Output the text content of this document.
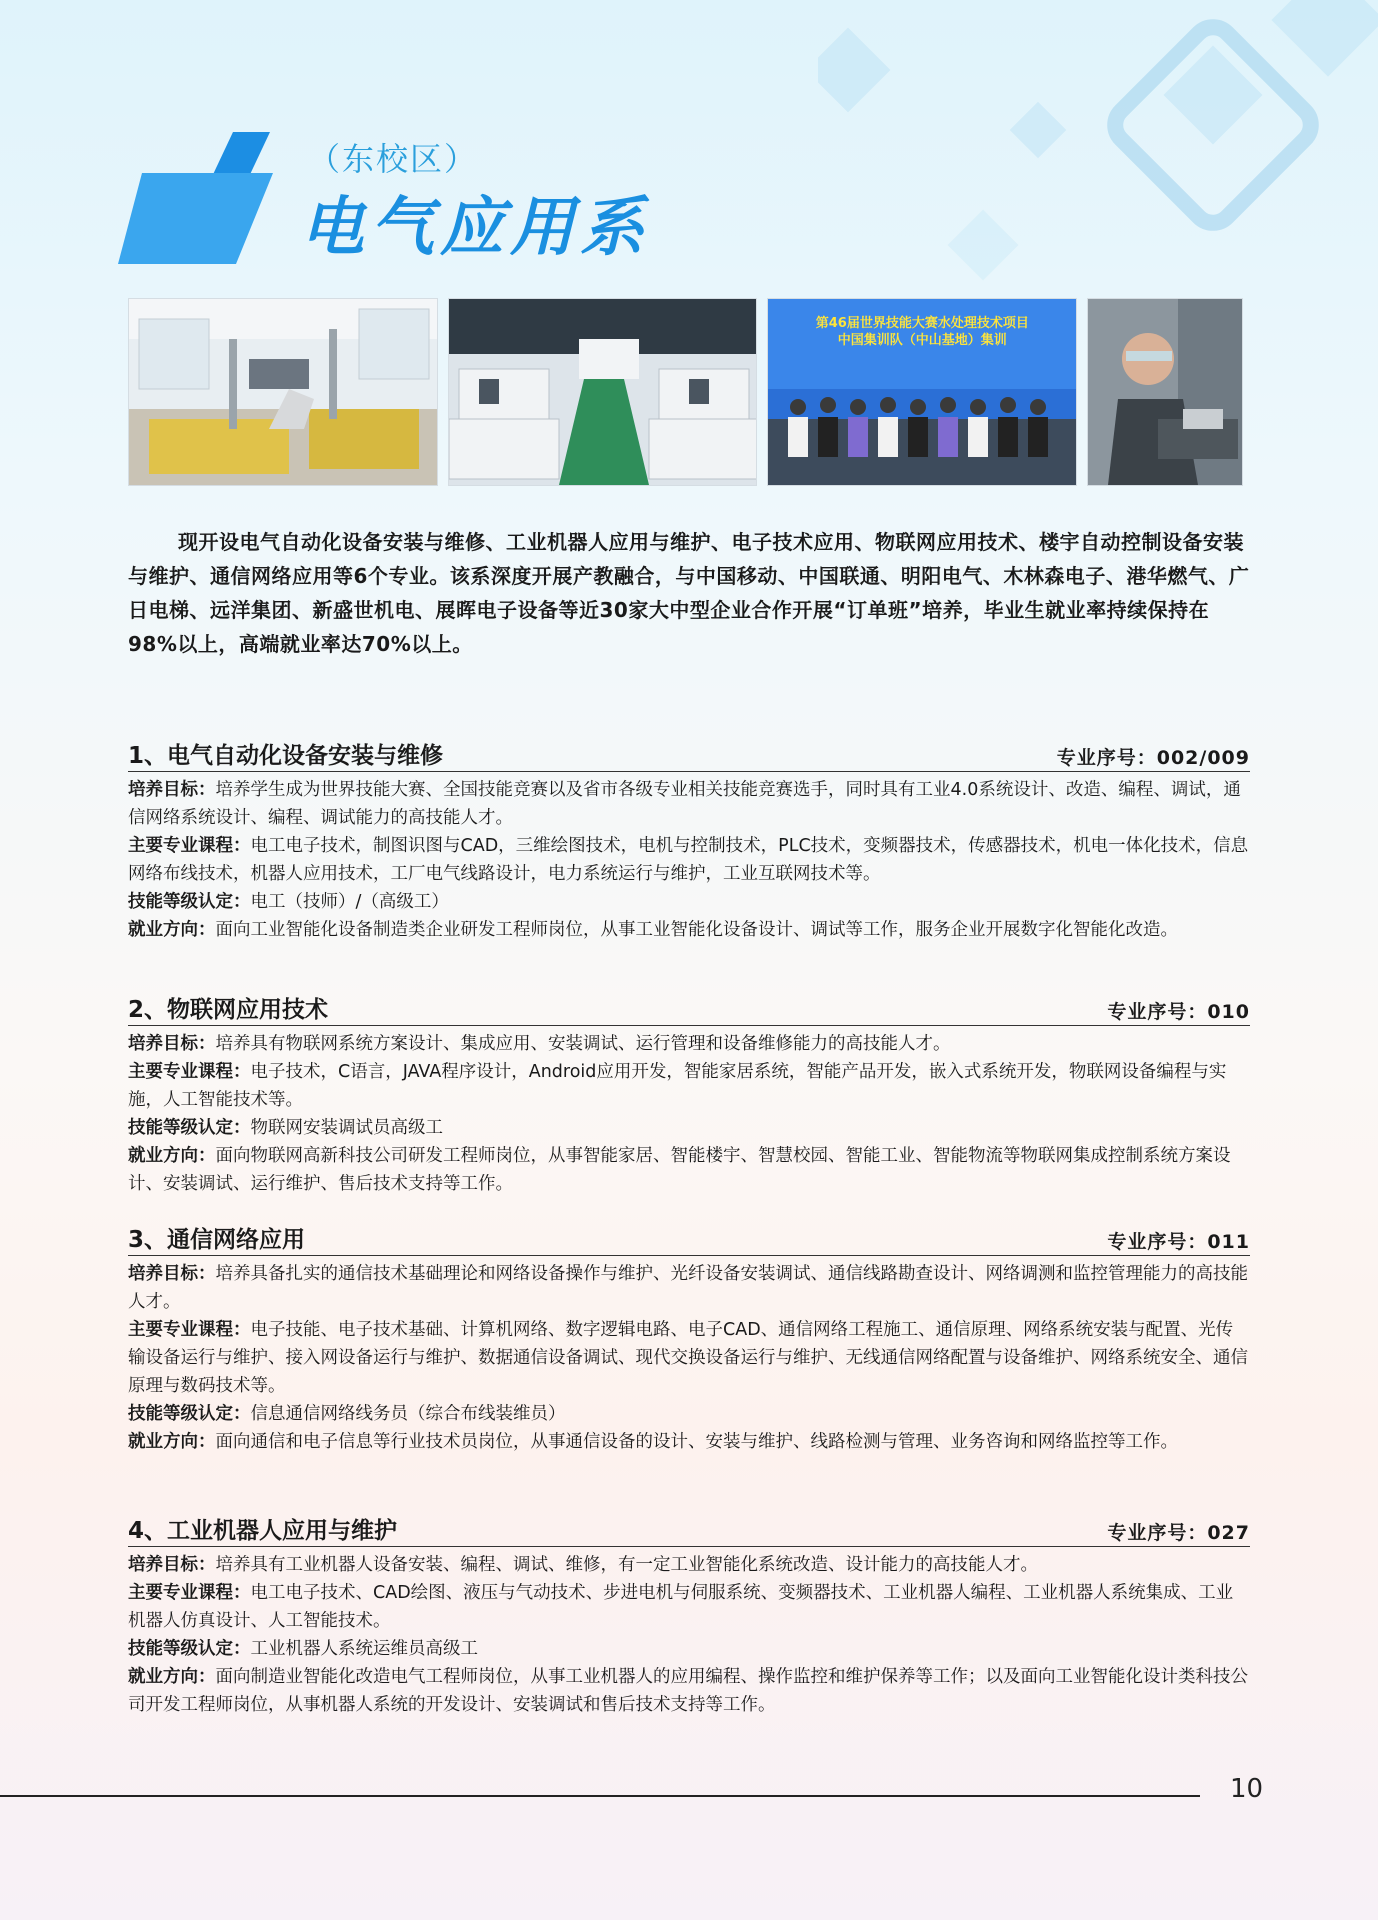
（东校区）
电气应用系
第46届世界技能大赛水处理技术项目
中国集训队（中山基地）集训

现开设电气自动化设备安装与维修、工业机器人应用与维护、电子技术应用、物联网应用技术、楼宇自动控制设备安装与维护、通信网络应用等6个专业。该系深度开展产教融合，与中国移动、中国联通、明阳电气、木林森电子、港华燃气、广日电梯、远洋集团、新盛世机电、展晖电子设备等近30家大中型企业合作开展“订单班”培养，毕业生就业率持续保持在98%以上，高端就业率达70%以上。

1、电气自动化设备安装与维修	专业序号：002/009

培养目标：培养学生成为世界技能大赛、全国技能竞赛以及省市各级专业相关技能竞赛选手，同时具有工业4.0系统设计、改造、编程、调试，通信网络系统设计、编程、调试能力的高技能人才。

主要专业课程：电工电子技术，制图识图与CAD，三维绘图技术，电机与控制技术，PLC技术，变频器技术，传感器技术，机电一体化技术，信息网络布线技术，机器人应用技术，工厂电气线路设计，电力系统运行与维护，工业互联网技术等。

技能等级认定：电工（技师）/（高级工）

就业方向：面向工业智能化设备制造类企业研发工程师岗位，从事工业智能化设备设计、调试等工作，服务企业开展数字化智能化改造。

2、物联网应用技术	专业序号：010

培养目标：培养具有物联网系统方案设计、集成应用、安装调试、运行管理和设备维修能力的高技能人才。

主要专业课程：电子技术，C语言，JAVA程序设计，Android应用开发，智能家居系统，智能产品开发，嵌入式系统开发，物联网设备编程与实施，人工智能技术等。

技能等级认定：物联网安装调试员高级工

就业方向：面向物联网高新科技公司研发工程师岗位，从事智能家居、智能楼宇、智慧校园、智能工业、智能物流等物联网集成控制系统方案设计、安装调试、运行维护、售后技术支持等工作。

3、通信网络应用	专业序号：011

培养目标：培养具备扎实的通信技术基础理论和网络设备操作与维护、光纤设备安装调试、通信线路勘查设计、网络调测和监控管理能力的高技能人才。

主要专业课程：电子技能、电子技术基础、计算机网络、数字逻辑电路、电子CAD、通信网络工程施工、通信原理、网络系统安装与配置、光传输设备运行与维护、接入网设备运行与维护、数据通信设备调试、现代交换设备运行与维护、无线通信网络配置与设备维护、网络系统安全、通信原理与数码技术等。

技能等级认定：信息通信网络线务员（综合布线装维员）

就业方向：面向通信和电子信息等行业技术员岗位，从事通信设备的设计、安装与维护、线路检测与管理、业务咨询和网络监控等工作。

4、工业机器人应用与维护	专业序号：027

培养目标：培养具有工业机器人设备安装、编程、调试、维修，有一定工业智能化系统改造、设计能力的高技能人才。

主要专业课程：电工电子技术、CAD绘图、液压与气动技术、步进电机与伺服系统、变频器技术、工业机器人编程、工业机器人系统集成、工业机器人仿真设计、人工智能技术。

技能等级认定：工业机器人系统运维员高级工

就业方向：面向制造业智能化改造电气工程师岗位，从事工业机器人的应用编程、操作监控和维护保养等工作；以及面向工业智能化设计类科技公司开发工程师岗位，从事机器人系统的开发设计、安装调试和售后技术支持等工作。

10
